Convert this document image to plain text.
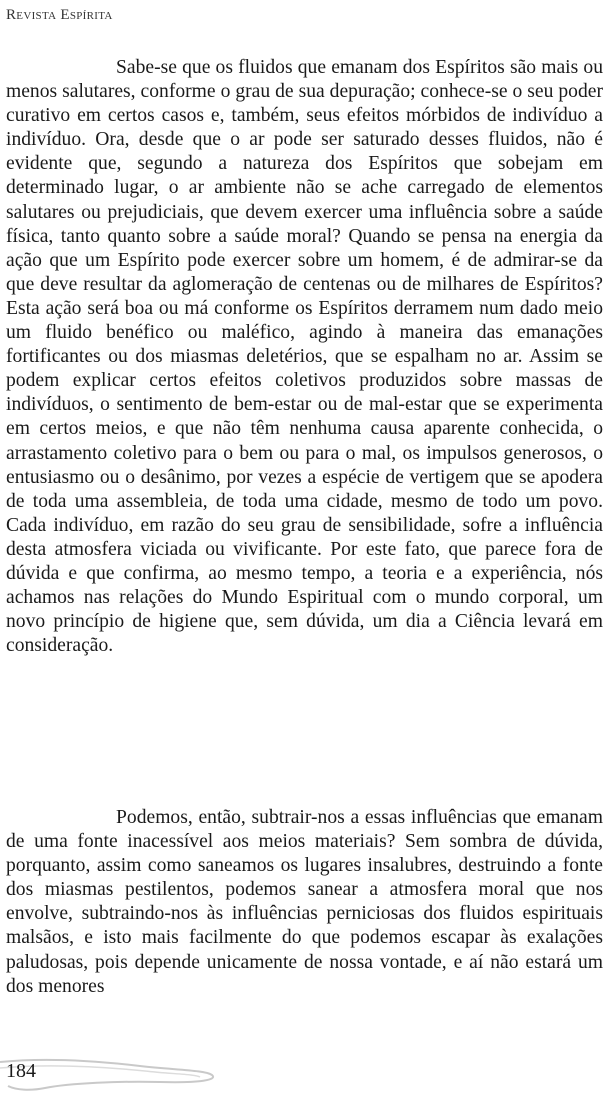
Revista Espírita

Sabe-se que os fluidos que emanam dos Espíritos são mais ou menos salutares, conforme o grau de sua depuração; conhece-se o seu poder curativo em certos casos e, também, seus efeitos mórbidos de indivíduo a indivíduo. Ora, desde que o ar pode ser saturado desses fluidos, não é evidente que, segundo a natureza dos Espíritos que sobejam em determinado lugar, o ar ambiente não se ache carregado de elementos salutares ou prejudiciais, que devem exercer uma influência sobre a saúde física, tanto quanto sobre a saúde moral? Quando se pensa na energia da ação que um Espírito pode exercer sobre um homem, é de admirar-se da que deve resultar da aglomeração de centenas ou de milhares de Espíritos? Esta ação será boa ou má conforme os Espíritos derramem num dado meio um fluido benéfico ou maléfico, agindo à maneira das emanações fortificantes ou dos miasmas deletérios, que se espalham no ar. Assim se podem explicar certos efeitos coletivos produzidos sobre massas de indivíduos, o sentimento de bem-estar ou de mal-estar que se experimenta em certos meios, e que não têm nenhuma causa aparente conhecida, o arrastamento coletivo para o bem ou para o mal, os impulsos generosos, o entusiasmo ou o desânimo, por vezes a espécie de vertigem que se apodera de toda uma assembleia, de toda uma cidade, mesmo de todo um povo. Cada indivíduo, em razão do seu grau de sensibilidade, sofre a influência desta atmosfera viciada ou vivificante. Por este fato, que parece fora de dúvida e que confirma, ao mesmo tempo, a teoria e a experiência, nós achamos nas relações do Mundo Espiritual com o mundo corporal, um novo princípio de higiene que, sem dúvida, um dia a Ciência levará em consideração.

Podemos, então, subtrair-nos a essas influências que emanam de uma fonte inacessível aos meios materiais? Sem sombra de dúvida, porquanto, assim como saneamos os lugares insalubres, destruindo a fonte dos miasmas pestilentos, podemos sanear a atmosfera moral que nos envolve, subtraindo-nos às influências perniciosas dos fluidos espirituais malsãos, e isto mais facilmente do que podemos escapar às exalações paludosas, pois depende unicamente de nossa vontade, e aí não estará um dos menores

184
